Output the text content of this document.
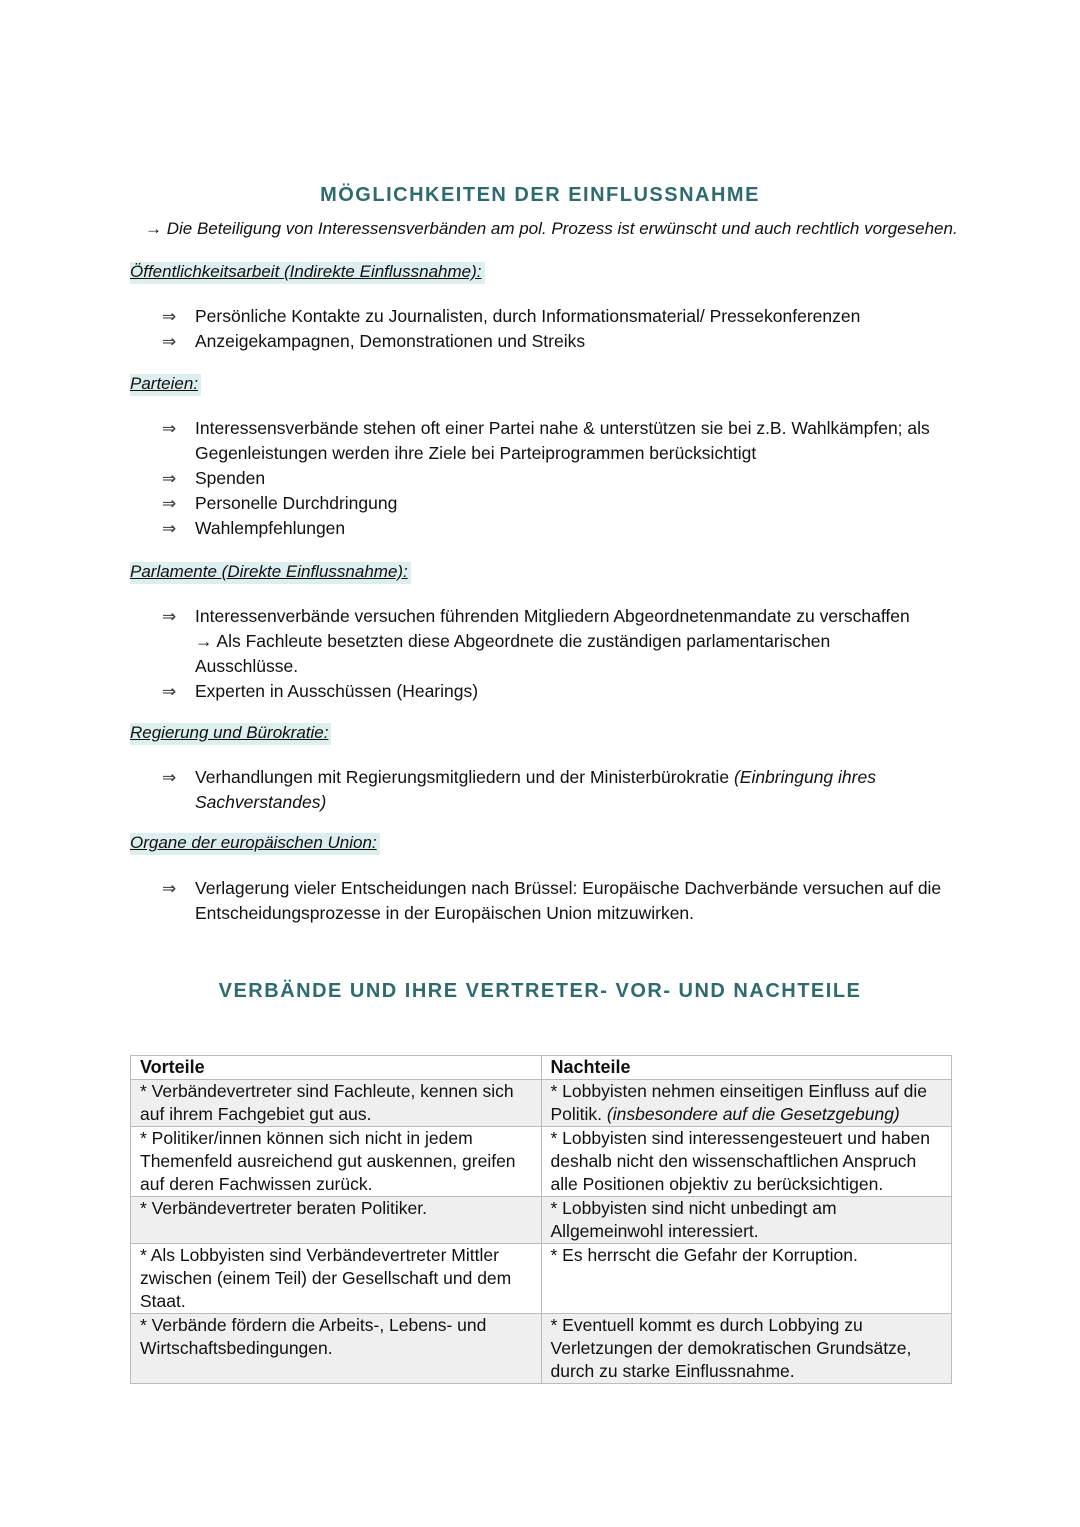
MÖGLICHKEITEN DER EINFLUSSNAHME

→ Die Beteiligung von Interessensverbänden am pol. Prozess ist erwünscht und auch rechtlich vorgesehen.

Öffentlichkeitsarbeit (Indirekte Einflussnahme):

⇒ Persönliche Kontakte zu Journalisten, durch Informationsmaterial/ Pressekonferenzen
⇒ Anzeigekampagnen, Demonstrationen und Streiks

Parteien:

⇒ Interessensverbände stehen oft einer Partei nahe & unterstützen sie bei z.B. Wahlkämpfen; als Gegenleistungen werden ihre Ziele bei Parteiprogrammen berücksichtigt
⇒ Spenden
⇒ Personelle Durchdringung
⇒ Wahlempfehlungen

Parlamente (Direkte Einflussnahme):

⇒ Interessenverbände versuchen führenden Mitgliedern Abgeordnetenmandate zu verschaffen
→ Als Fachleute besetzten diese Abgeordnete die zuständigen parlamentarischen Ausschlüsse.
⇒ Experten in Ausschüssen (Hearings)

Regierung und Bürokratie:

⇒ Verhandlungen mit Regierungsmitgliedern und der Ministerbürokratie (Einbringung ihres Sachverstandes)

Organe der europäischen Union:

⇒ Verlagerung vieler Entscheidungen nach Brüssel: Europäische Dachverbände versuchen auf die Entscheidungsprozesse in der Europäischen Union mitzuwirken.
VERBÄNDE UND IHRE VERTRETER- VOR- UND NACHTEILE
Vorteile	Nachteile
* Verbändevertreter sind Fachleute, kennen sich auf ihrem Fachgebiet gut aus.	* Lobbyisten nehmen einseitigen Einfluss auf die Politik. (insbesondere auf die Gesetzgebung)
* Politiker/innen können sich nicht in jedem Themenfeld ausreichend gut auskennen, greifen auf deren Fachwissen zurück.	* Lobbyisten sind interessengesteuert und haben deshalb nicht den wissenschaftlichen Anspruch alle Positionen objektiv zu berücksichtigen.
* Verbändevertreter beraten Politiker.	* Lobbyisten sind nicht unbedingt am Allgemeinwohl interessiert.
* Als Lobbyisten sind Verbändevertreter Mittler zwischen (einem Teil) der Gesellschaft und dem Staat.	* Es herrscht die Gefahr der Korruption.
* Verbände fördern die Arbeits-, Lebens- und Wirtschaftsbedingungen.	* Eventuell kommt es durch Lobbying zu Verletzungen der demokratischen Grundsätze, durch zu starke Einflussnahme.
